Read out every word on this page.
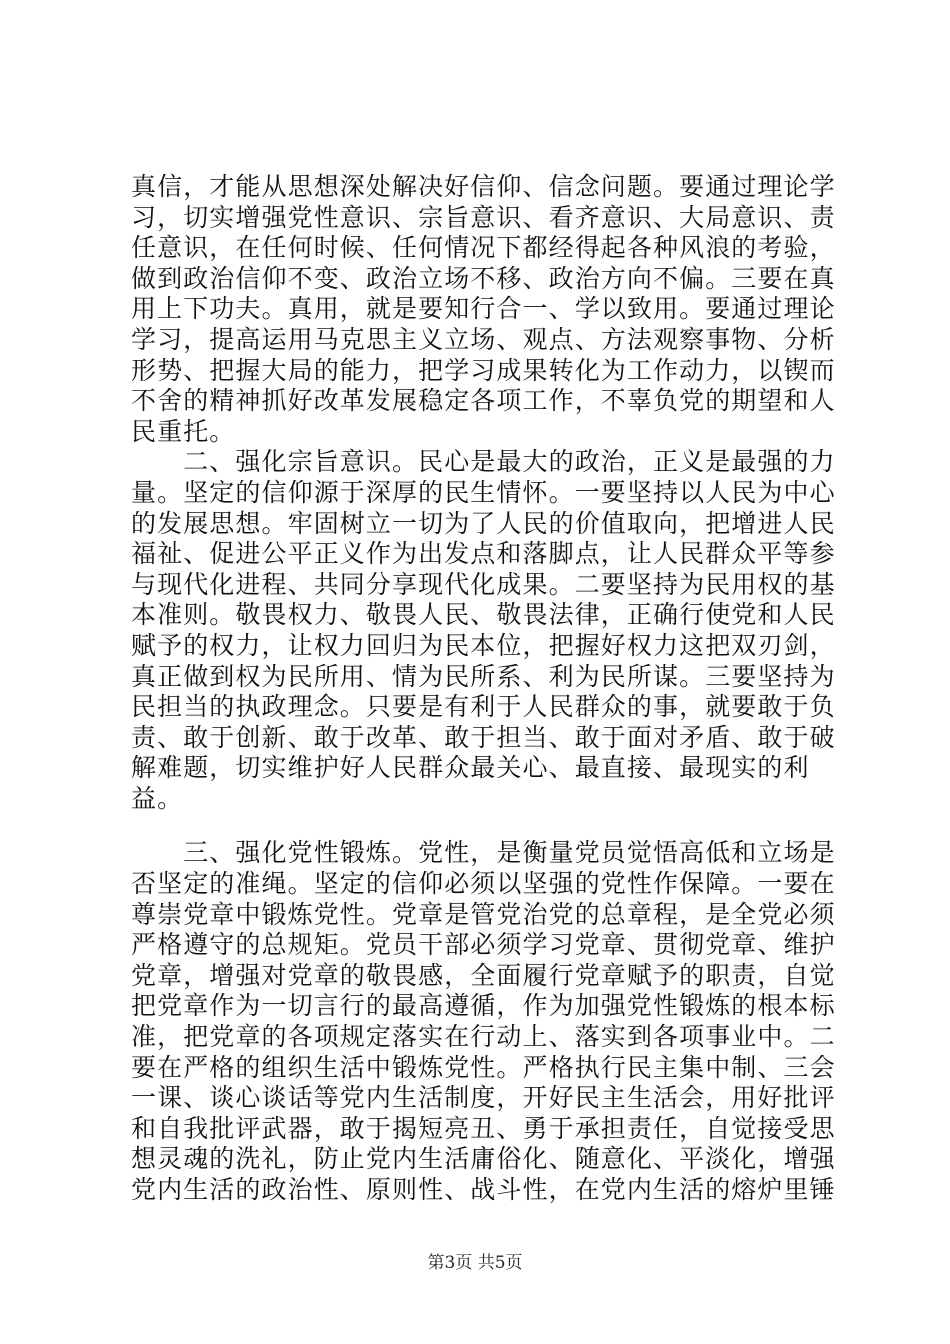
真信，才能从思想深处解决好信仰、信念问题。要通过理论学习，切实增强党性意识、宗旨意识、看齐意识、大局意识、责任意识，在任何时候、任何情况下都经得起各种风浪的考验，做到政治信仰不变、政治立场不移、政治方向不偏。三要在真用上下功夫。真用，就是要知行合一、学以致用。要通过理论学习，提高运用马克思主义立场、观点、方法观察事物、分析形势、把握大局的能力，把学习成果转化为工作动力，以锲而不舍的精神抓好改革发展稳定各项工作，不辜负党的期望和人民重托。

　　二、强化宗旨意识。民心是最大的政治，正义是最强的力量。坚定的信仰源于深厚的民生情怀。一要坚持以人民为中心的发展思想。牢固树立一切为了人民的价值取向，把增进人民福祉、促进公平正义作为出发点和落脚点，让人民群众平等参与现代化进程、共同分享现代化成果。二要坚持为民用权的基本准则。敬畏权力、敬畏人民、敬畏法律，正确行使党和人民赋予的权力，让权力回归为民本位，把握好权力这把双刃剑，真正做到权为民所用、情为民所系、利为民所谋。三要坚持为民担当的执政理念。只要是有利于人民群众的事，就要敢于负责、敢于创新、敢于改革、敢于担当、敢于面对矛盾、敢于破解难题，切实维护好人民群众最关心、最直接、最现实的利益。

　　三、强化党性锻炼。党性，是衡量党员觉悟高低和立场是否坚定的准绳。坚定的信仰必须以坚强的党性作保障。一要在尊崇党章中锻炼党性。党章是管党治党的总章程，是全党必须严格遵守的总规矩。党员干部必须学习党章、贯彻党章、维护党章，增强对党章的敬畏感，全面履行党章赋予的职责，自觉把党章作为一切言行的最高遵循，作为加强党性锻炼的根本标准，把党章的各项规定落实在行动上、落实到各项事业中。二要在严格的组织生活中锻炼党性。严格执行民主集中制、三会一课、谈心谈话等党内生活制度，开好民主生活会，用好批评和自我批评武器，敢于揭短亮丑、勇于承担责任，自觉接受思想灵魂的洗礼，防止党内生活庸俗化、随意化、平淡化，增强党内生活的政治性、原则性、战斗性，在党内生活的熔炉里锤

第3页 共5页
